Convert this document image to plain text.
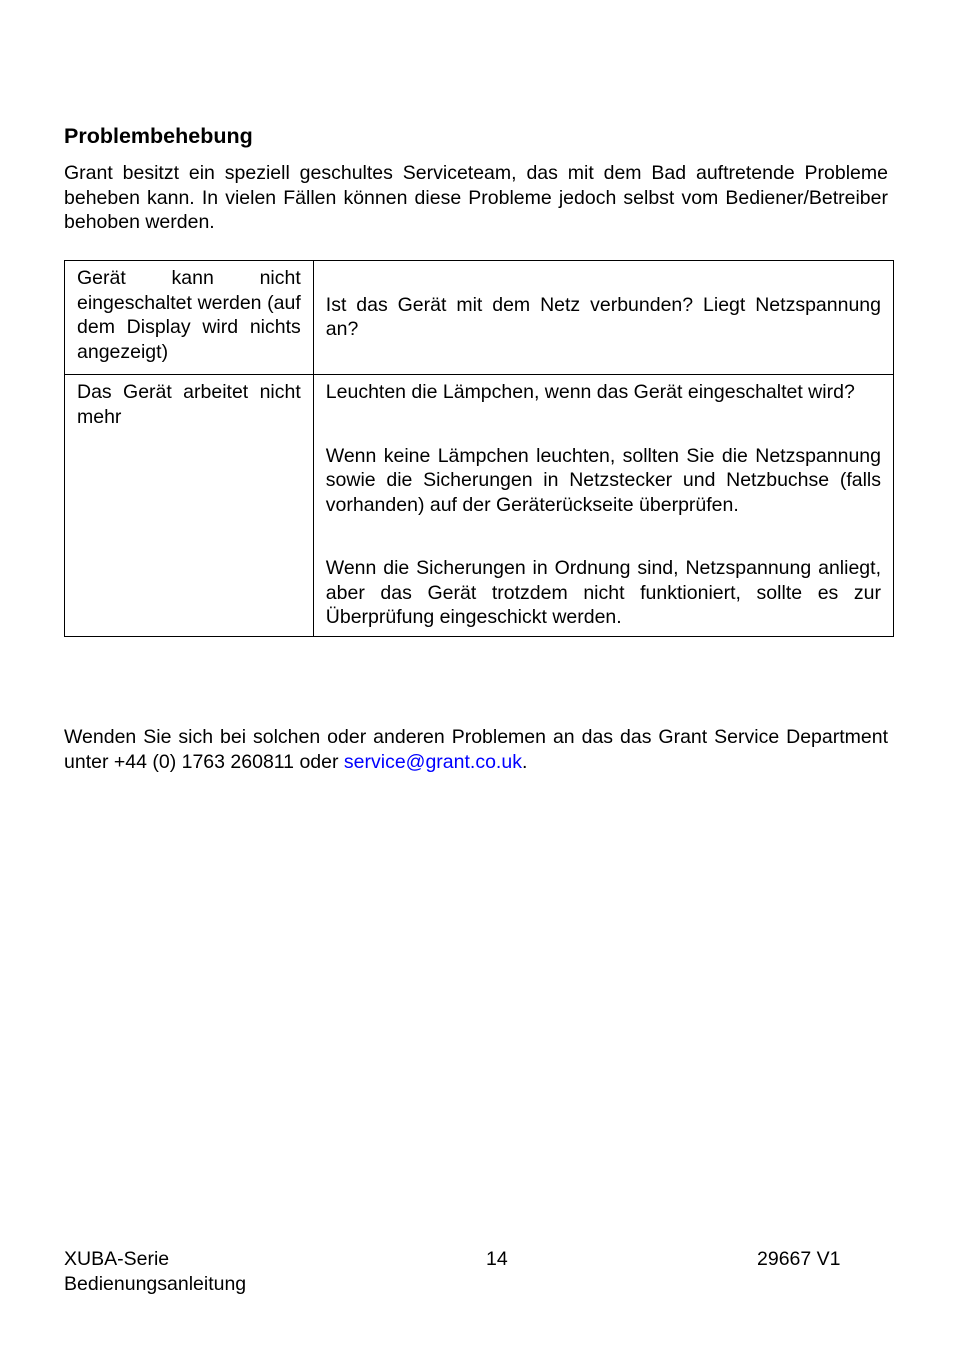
Problembehebung

Grant besitzt ein speziell geschultes Serviceteam, das mit dem Bad auftretende Probleme beheben kann. In vielen Fällen können diese Probleme jedoch selbst vom Bediener/Betreiber behoben werden.

Gerät kann nicht eingeschaltet werden (auf dem Display wird nichts angezeigt)	Ist das Gerät mit dem Netz verbunden? Liegt Netzspannung an?

Das Gerät arbeitet nicht mehr	Leuchten die Lämpchen, wenn das Gerät eingeschaltet wird?

Wenn keine Lämpchen leuchten, sollten Sie die Netzspannung sowie die Sicherungen in Netzstecker und Netzbuchse (falls vorhanden) auf der Geräterückseite überprüfen.

Wenn die Sicherungen in Ordnung sind, Netzspannung anliegt, aber das Gerät trotzdem nicht funktioniert, sollte es zur Überprüfung eingeschickt werden.

Wenden Sie sich bei solchen oder anderen Problemen an das das Grant Service Department unter +44 (0) 1763 260811 oder service@grant.co.uk.

XUBA-Serie
Bedienungsanleitung
14	29667 V1
